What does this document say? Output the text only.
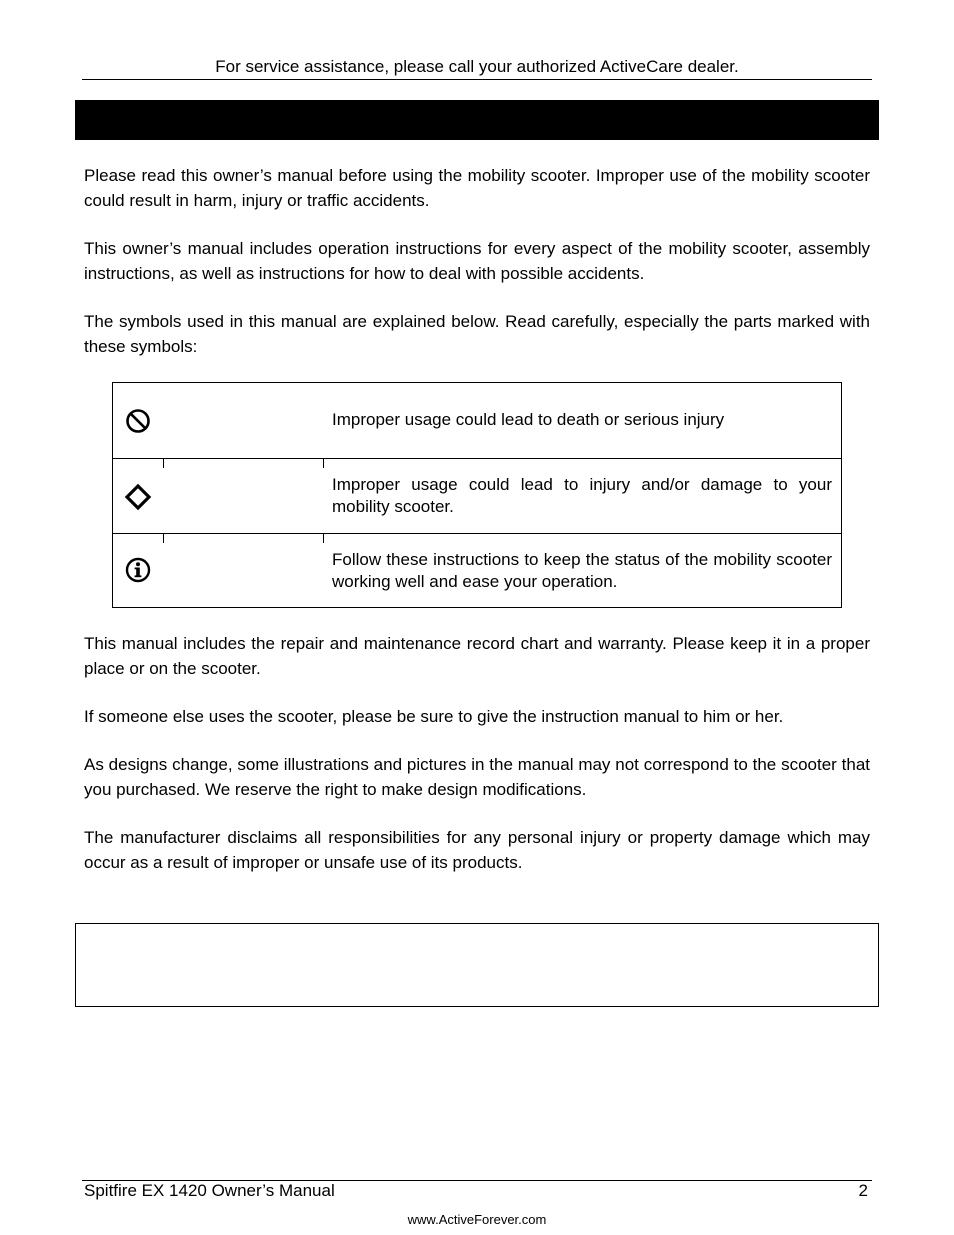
For service assistance, please call your authorized ActiveCare dealer.

Please read this owner’s manual before using the mobility scooter. Improper use of the mobility scooter could result in harm, injury or traffic accidents.

This owner’s manual includes operation instructions for every aspect of the mobility scooter, assembly instructions, as well as instructions for how to deal with possible accidents.

The symbols used in this manual are explained below. Read carefully, especially the parts marked with these symbols:

Improper usage could lead to death or serious injury

Improper usage could lead to injury and/or damage to your mobility scooter.

Follow these instructions to keep the status of the mobility scooter working well and ease your operation.

This manual includes the repair and maintenance record chart and warranty. Please keep it in a proper place or on the scooter.

If someone else uses the scooter, please be sure to give the instruction manual to him or her.

As designs change, some illustrations and pictures in the manual may not correspond to the scooter that you purchased. We reserve the right to make design modifications.

The manufacturer disclaims all responsibilities for any personal injury or property damage which may occur as a result of improper or unsafe use of its products.

Spitfire EX 1420 Owner’s Manual	2
www.ActiveForever.com
